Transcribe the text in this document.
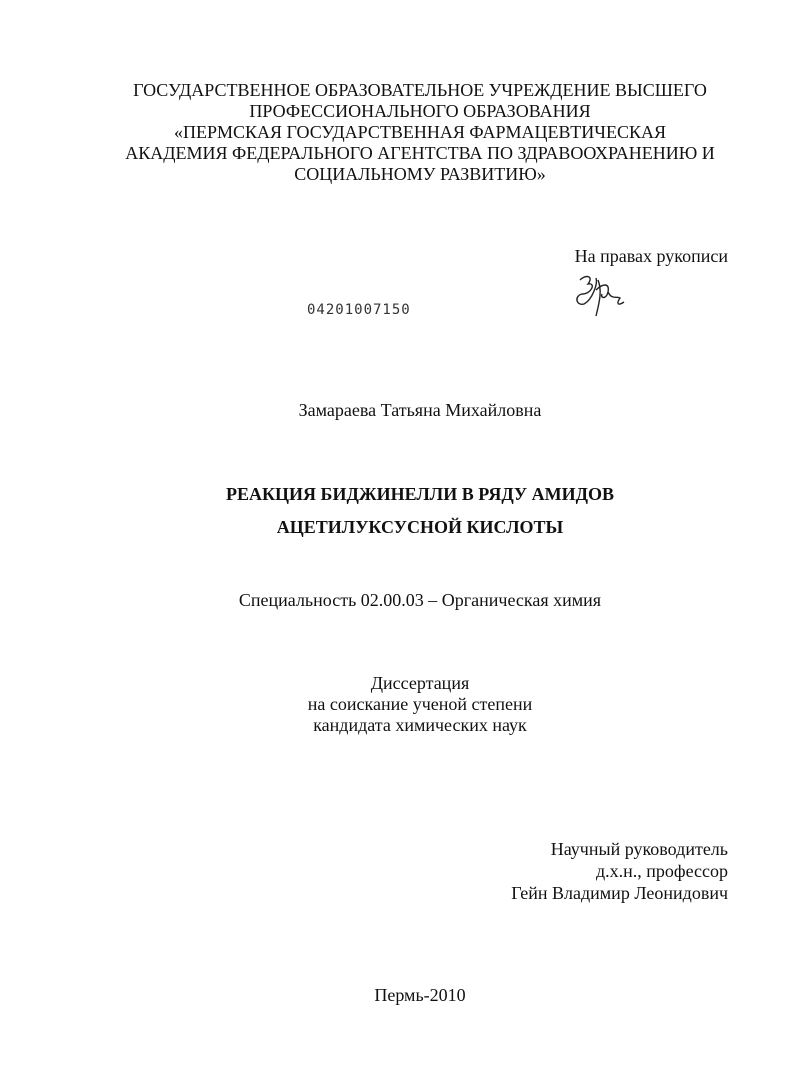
ГОСУДАРСТВЕННОЕ ОБРАЗОВАТЕЛЬНОЕ УЧРЕЖДЕНИЕ ВЫСШЕГО
ПРОФЕССИОНАЛЬНОГО ОБРАЗОВАНИЯ
«ПЕРМСКАЯ ГОСУДАРСТВЕННАЯ ФАРМАЦЕВТИЧЕСКАЯ
АКАДЕМИЯ ФЕДЕРАЛЬНОГО АГЕНТСТВА ПО ЗДРАВООХРАНЕНИЮ И
СОЦИАЛЬНОМУ РАЗВИТИЮ»
На правах рукописи
04201007150
Замараева Татьяна Михайловна
РЕАКЦИЯ БИДЖИНЕЛЛИ В РЯДУ АМИДОВ
АЦЕТИЛУКСУСНОЙ КИСЛОТЫ
Специальность 02.00.03 – Органическая химия
Диссертация
на соискание ученой степени
кандидата химических наук
Научный руководитель
д.х.н., профессор
Гейн Владимир Леонидович
Пермь-2010
